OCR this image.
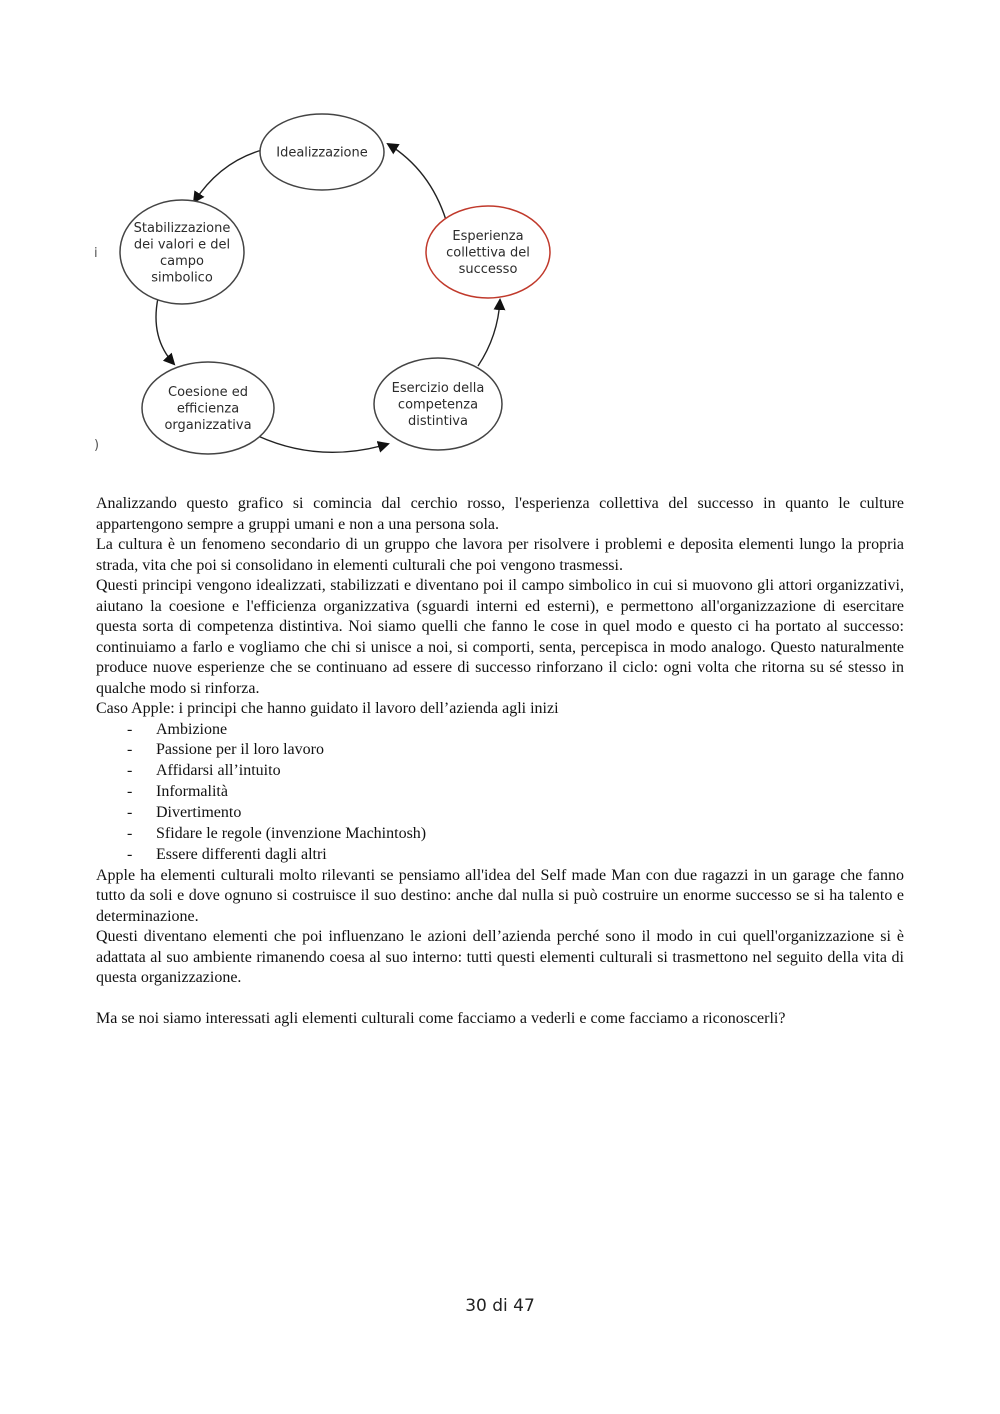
Idealizzazione
Esperienza
collettiva del
successo
Esercizio della
competenza
distintiva
Coesione ed
efficienza
organizzativa
Stabilizzazione
dei valori e del
campo
simbolico
i
)

Analizzando questo grafico si comincia dal cerchio rosso, l'esperienza collettiva del successo in quanto le culture appartengono sempre a gruppi umani e non a una persona sola.

La cultura è un fenomeno secondario di un gruppo che lavora per risolvere i problemi e deposita elementi lungo la propria strada, vita che poi si consolidano in elementi culturali che poi vengono trasmessi.

Questi principi vengono idealizzati, stabilizzati e diventano poi il campo simbolico in cui si muovono gli attori organizzativi, aiutano la coesione e l'efficienza organizzativa (sguardi interni ed esterni), e permettono all'organizzazione di esercitare questa sorta di competenza distintiva. Noi siamo quelli che fanno le cose in quel modo e questo ci ha portato al successo: continuiamo a farlo e vogliamo che chi si unisce a noi, si comporti, senta, percepisca in modo analogo. Questo naturalmente produce nuove esperienze che se continuano ad essere di successo rinforzano il ciclo: ogni volta che ritorna su sé stesso in qualche modo si rinforza.

Caso Apple: i principi che hanno guidato il lavoro dell’azienda agli inizi

- Ambizione
- Passione per il loro lavoro
- Affidarsi all’intuito
- Informalità
- Divertimento
- Sfidare le regole (invenzione Machintosh)
- Essere differenti dagli altri

Apple ha elementi culturali molto rilevanti se pensiamo all'idea del Self made Man con due ragazzi in un garage che fanno tutto da soli e dove ognuno si costruisce il suo destino: anche dal nulla si può costruire un enorme successo se si ha talento e determinazione.

Questi diventano elementi che poi influenzano le azioni dell’azienda perché sono il modo in cui quell'organizzazione si è adattata al suo ambiente rimanendo coesa al suo interno: tutti questi elementi culturali si trasmettono nel seguito della vita di questa organizzazione.

Ma se noi siamo interessati agli elementi culturali come facciamo a vederli e come facciamo a riconoscerli?

30 di 47
